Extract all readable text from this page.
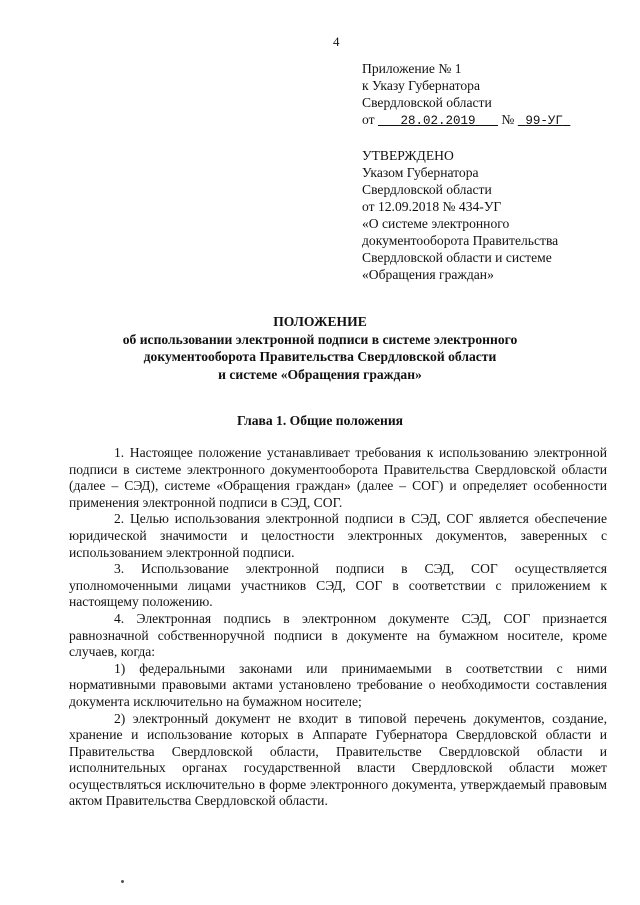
4
Приложение № 1
к Указу Губернатора
Свердловской области
от 28.02.2019 № 99-УГ
УТВЕРЖДЕНО
Указом Губернатора
Свердловской области
от 12.09.2018 № 434-УГ
«О системе электронного
документооборота Правительства
Свердловской области и системе
«Обращения граждан»
ПОЛОЖЕНИЕ
об использовании электронной подписи в системе электронного
документооборота Правительства Свердловской области
и системе «Обращения граждан»
Глава 1. Общие положения
1. Настоящее положение устанавливает требования к использованию электронной подписи в системе электронного документооборота Правительства Свердловской области (далее – СЭД), системе «Обращения граждан» (далее – СОГ) и определяет особенности применения электронной подписи в СЭД, СОГ.
2. Целью использования электронной подписи в СЭД, СОГ является обеспечение юридической значимости и целостности электронных документов, заверенных с использованием электронной подписи.
3. Использование электронной подписи в СЭД, СОГ осуществляется уполномоченными лицами участников СЭД, СОГ в соответствии с приложением к настоящему положению.
4. Электронная подпись в электронном документе СЭД, СОГ признается равнозначной собственноручной подписи в документе на бумажном носителе, кроме случаев, когда:
1) федеральными законами или принимаемыми в соответствии с ними нормативными правовыми актами установлено требование о необходимости составления документа исключительно на бумажном носителе;
2) электронный документ не входит в типовой перечень документов, создание, хранение и использование которых в Аппарате Губернатора Свердловской области и Правительства Свердловской области, Правительстве Свердловской области и исполнительных органах государственной власти Свердловской области может осуществляться исключительно в форме электронного документа, утверждаемый правовым актом Правительства Свердловской области.
